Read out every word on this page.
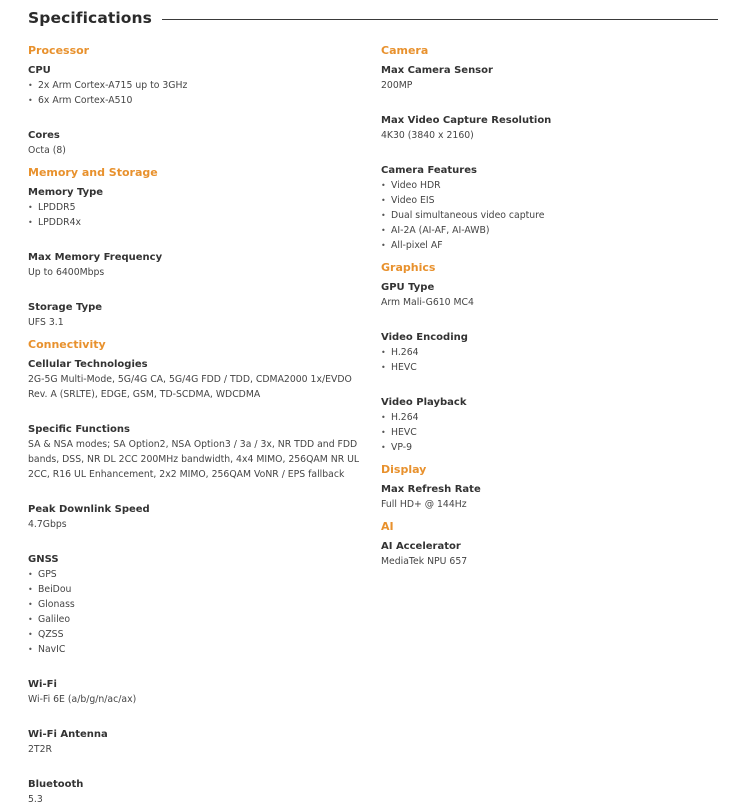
Specifications
Processor
CPU
• 2x Arm Cortex-A715 up to 3GHz
• 6x Arm Cortex-A510
Cores
Octa (8)
Memory and Storage
Memory Type
• LPDDR5
• LPDDR4x
Max Memory Frequency
Up to 6400Mbps
Storage Type
UFS 3.1
Connectivity
Cellular Technologies
2G-5G Multi-Mode, 5G/4G CA, 5G/4G FDD / TDD, CDMA2000 1x/EVDO
Rev. A (SRLTE), EDGE, GSM, TD-SCDMA, WDCDMA
Specific Functions
SA & NSA modes; SA Option2, NSA Option3 / 3a / 3x, NR TDD and FDD
bands, DSS, NR DL 2CC 200MHz bandwidth, 4x4 MIMO, 256QAM NR UL
2CC, R16 UL Enhancement, 2x2 MIMO, 256QAM VoNR / EPS fallback
Peak Downlink Speed
4.7Gbps
GNSS
• GPS
• BeiDou
• Glonass
• Galileo
• QZSS
• NavIC
Wi-Fi
Wi-Fi 6E (a/b/g/n/ac/ax)
Wi-Fi Antenna
2T2R
Bluetooth
5.3
Camera
Max Camera Sensor
200MP
Max Video Capture Resolution
4K30 (3840 x 2160)
Camera Features
• Video HDR
• Video EIS
• Dual simultaneous video capture
• AI-2A (AI-AF, AI-AWB)
• All-pixel AF
Graphics
GPU Type
Arm Mali-G610 MC4
Video Encoding
• H.264
• HEVC
Video Playback
• H.264
• HEVC
• VP-9
Display
Max Refresh Rate
Full HD+ @ 144Hz
AI
AI Accelerator
MediaTek NPU 657
